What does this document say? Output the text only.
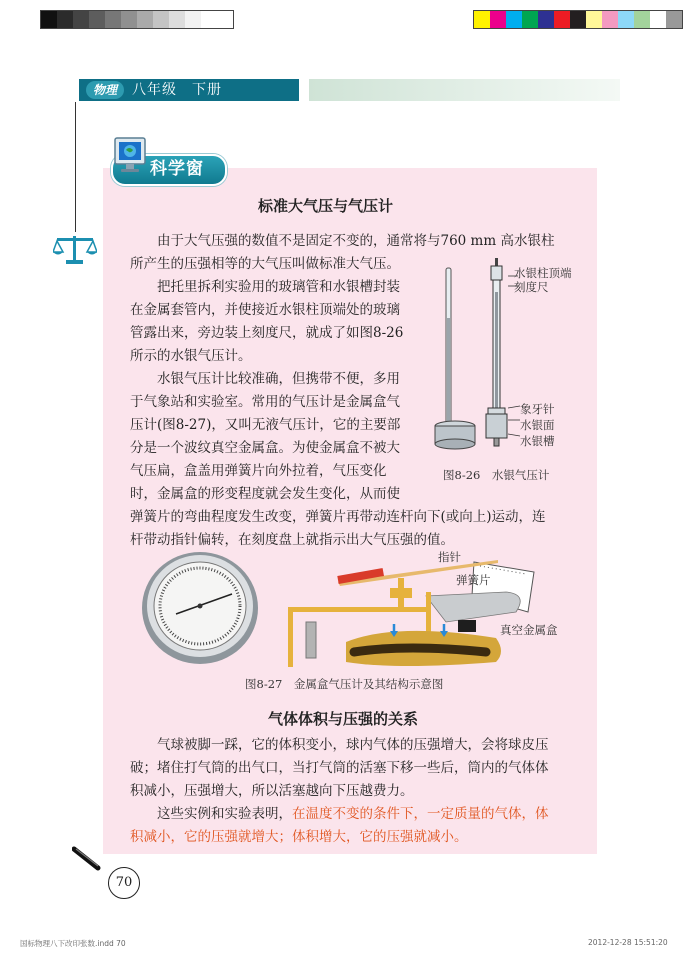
物理	八年级　下册
科学窗
标准大气压与气压计
由于大气压强的数值不是固定不变的，通常将与760 mm 高水银柱
所产生的压强相等的大气压叫做标准大气压。
把托里拆利实验用的玻璃管和水银槽封装
在金属套管内，并使接近水银柱顶端处的玻璃
管露出来，旁边装上刻度尺，就成了如图8-26
所示的水银气压计。
水银气压计比较准确，但携带不便，多用
于气象站和实验室。常用的气压计是金属盒气
压计(图8-27)，又叫无液气压计，它的主要部
分是一个波纹真空金属盒。为使金属盒不被大
气压扁，盒盖用弹簧片向外拉着，气压变化
时，金属盒的形变程度就会发生变化，从而使
弹簧片的弯曲程度发生改变，弹簧片再带动连杆向下(或向上)运动，连
杆带动指针偏转，在刻度盘上就指示出大气压强的值。
水银柱顶端
刻度尺
象牙针
水银面
水银槽
图8-26　水银气压计
指针
弹簧片
真空金属盒
图8-27　金属盒气压计及其结构示意图
气体体积与压强的关系
气球被脚一踩，它的体积变小，球内气体的压强增大，会将球皮压
破；堵住打气筒的出气口，当打气筒的活塞下移一些后，筒内的气体体
积减小，压强增大，所以活塞越向下压越费力。
这些实例和实验表明，在温度不变的条件下，一定质量的气体，体
积减小，它的压强就增大；体积增大，它的压强就减小。
70
国标物理八下改印张数.indd 70	2012-12-28 15:51:20
